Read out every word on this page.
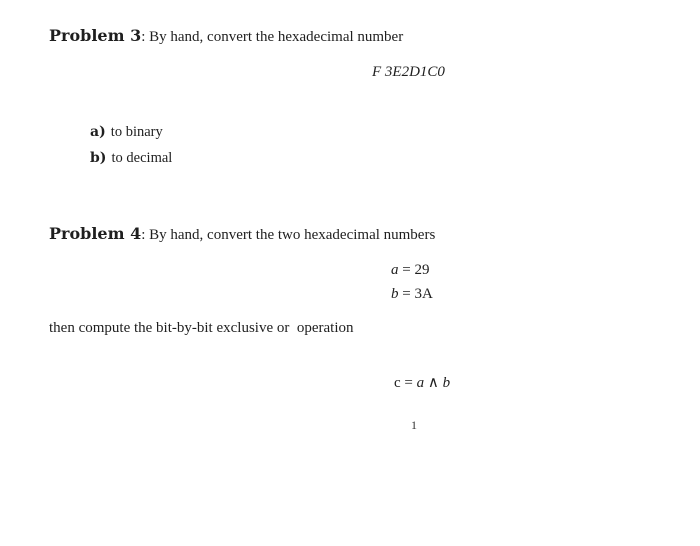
Problem 3: By hand, convert the hexadecimal number
F 3E2D1C0
a) to binary
b) to decimal
Problem 4: By hand, convert the two hexadecimal numbers
a = 29
b = 3A
then compute the bit-by-bit exclusive or  operation

c = a ∧ b

1
